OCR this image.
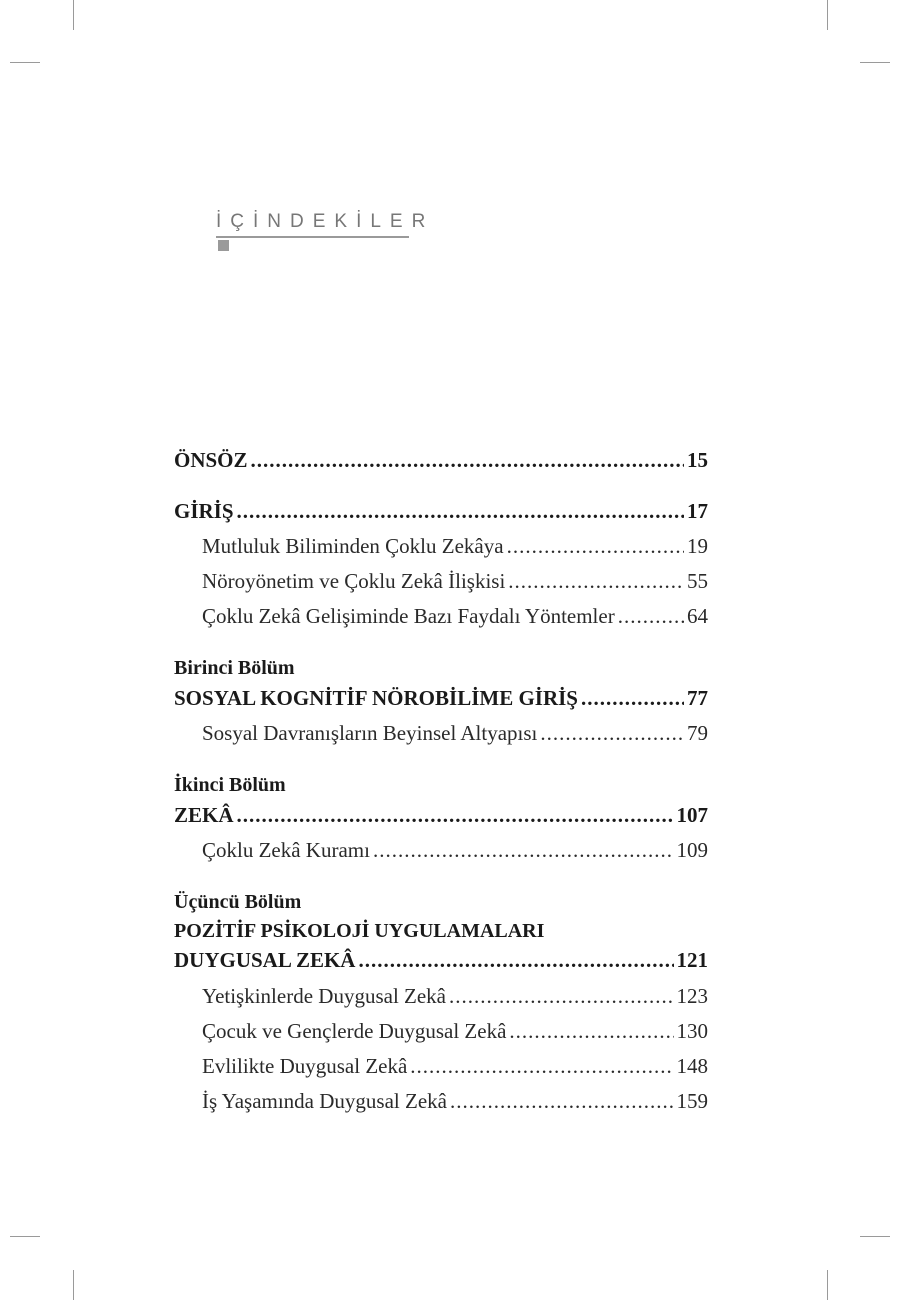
İÇİNDEKİLER
ÖNSÖZ .....	15
GİRİŞ .....	17
Mutluluk Biliminden Çoklu Zekâya .....	19
Nöroyönetim ve Çoklu Zekâ İlişkisi .....	55
Çoklu Zekâ Gelişiminde Bazı Faydalı Yöntemler .....	64
Birinci Bölüm
SOSYAL KOGNİTİF NÖROBİLİME GİRİŞ .....	77
Sosyal Davranışların Beyinsel Altyapısı .....	79
İkinci Bölüm
ZEKÂ .....	107
Çoklu Zekâ Kuramı .....	109
Üçüncü Bölüm
POZİTİF PSİKOLOJİ UYGULAMALARI
DUYGUSAL ZEKÂ .....	121
Yetişkinlerde Duygusal Zekâ .....	123
Çocuk ve Gençlerde Duygusal Zekâ .....	130
Evlilikte Duygusal Zekâ .....	148
İş Yaşamında Duygusal Zekâ .....	159
